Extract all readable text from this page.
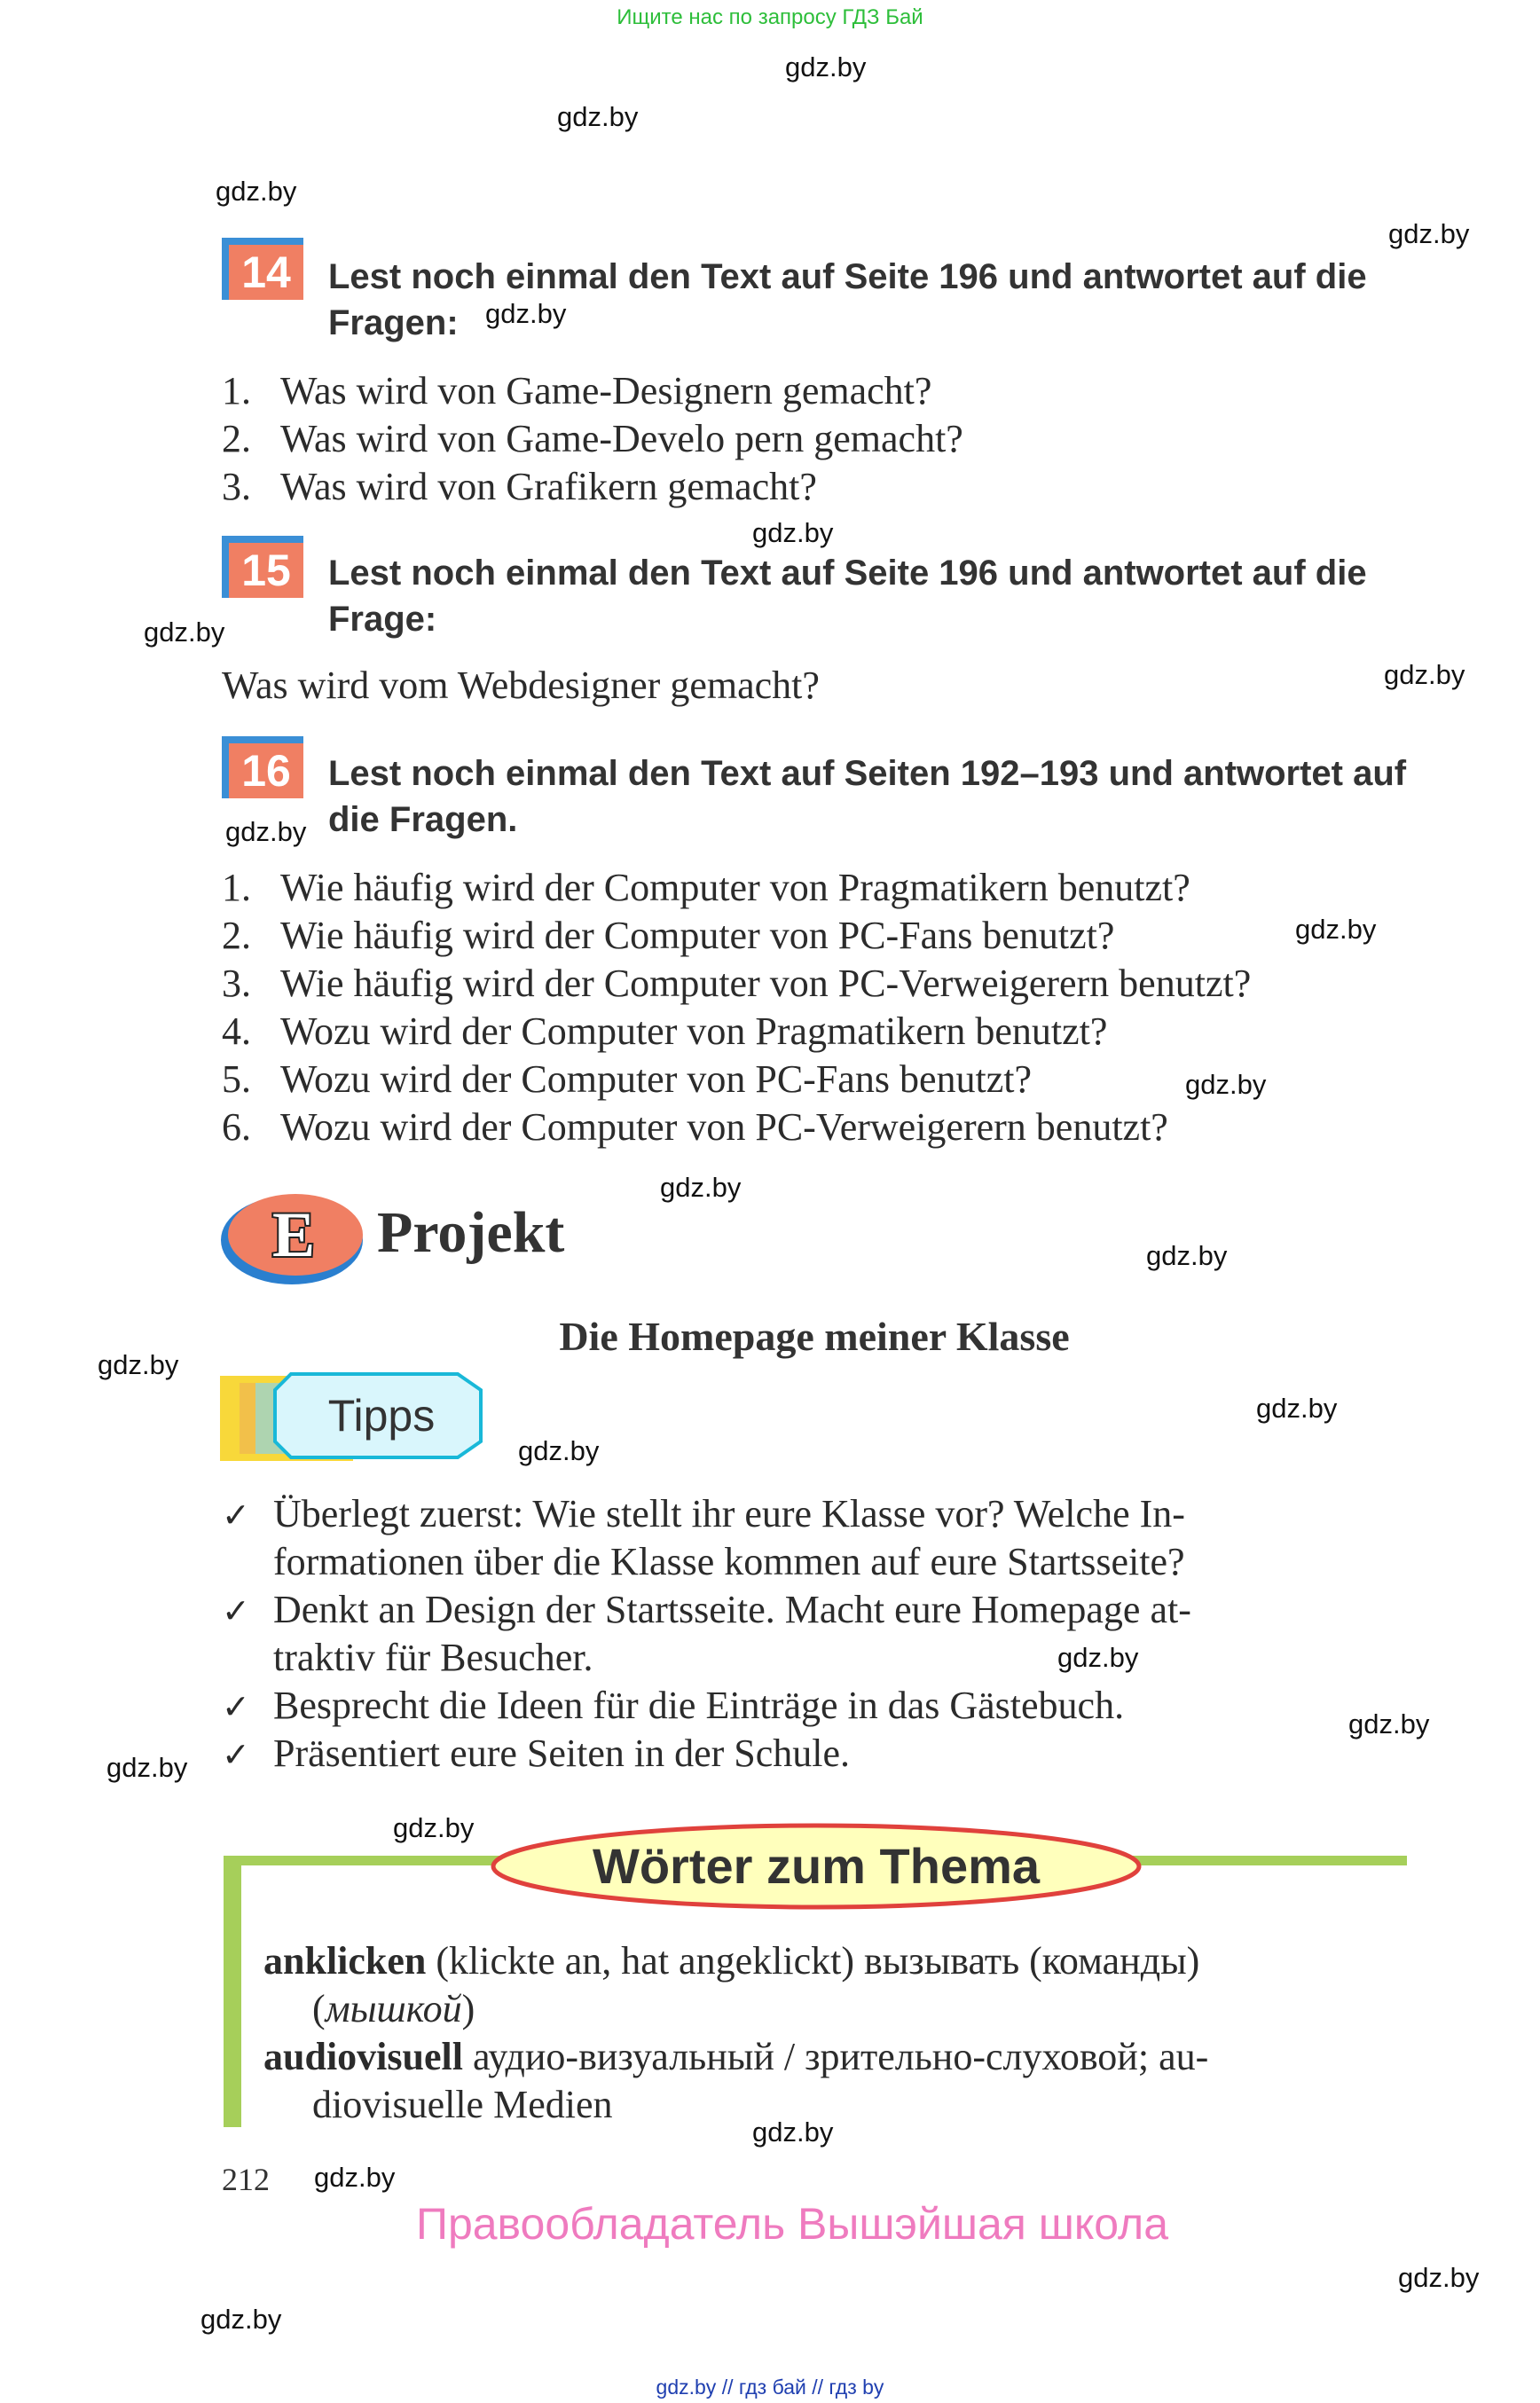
Ищите нас по запросу ГДЗ Бай
gdz.by
gdz.by
gdz.by
gdz.by
gdz.by
gdz.by
gdz.by
gdz.by
gdz.by
gdz.by
gdz.by
gdz.by
gdz.by
gdz.by
gdz.by
gdz.by
gdz.by
gdz.by
gdz.by
gdz.by
gdz.by
gdz.by
gdz.by
gdz.by
14	Lest noch einmal den Text auf Seite 196 und antwortet auf die Fragen:
1. Was wird von Game-Designern gemacht?
2. Was wird von Game-Develo pern gemacht?
3. Was wird von Grafikern gemacht?
15	Lest noch einmal den Text auf Seite 196 und antwortet auf die Frage:
Was wird vom Webdesigner gemacht?
16	Lest noch einmal den Text auf Seiten 192–193 und antwortet auf die Fragen.
1. Wie häufig wird der Computer von Pragmatikern benutzt?
2. Wie häufig wird der Computer von PC-Fans benutzt?
3. Wie häufig wird der Computer von PC-Verweigerern benutzt?
4. Wozu wird der Computer von Pragmatikern benutzt?
5. Wozu wird der Computer von PC-Fans benutzt?
6. Wozu wird der Computer von PC-Verweigerern benutzt?
E Projekt
Die Homepage meiner Klasse
Tipps
✓ Überlegt zuerst: Wie stellt ihr eure Klasse vor? Welche In-
formationen über die Klasse kommen auf eure Startsseite?
✓ Denkt an Design der Startsseite. Macht eure Homepage at-
traktiv für Besucher.
✓ Besprecht die Ideen für die Einträge in das Gästebuch.
✓ Präsentiert eure Seiten in der Schule.
Wörter zum Thema
anklicken (klickte an, hat angeklickt) вызывать (команды)
(мышкой)
audiovisuell аудио-визуальный / зрительно-слуховой; au-
diovisuelle Medien
212
Правообладатель Вышэйшая школа
gdz.by // гдз бай // гдз by
